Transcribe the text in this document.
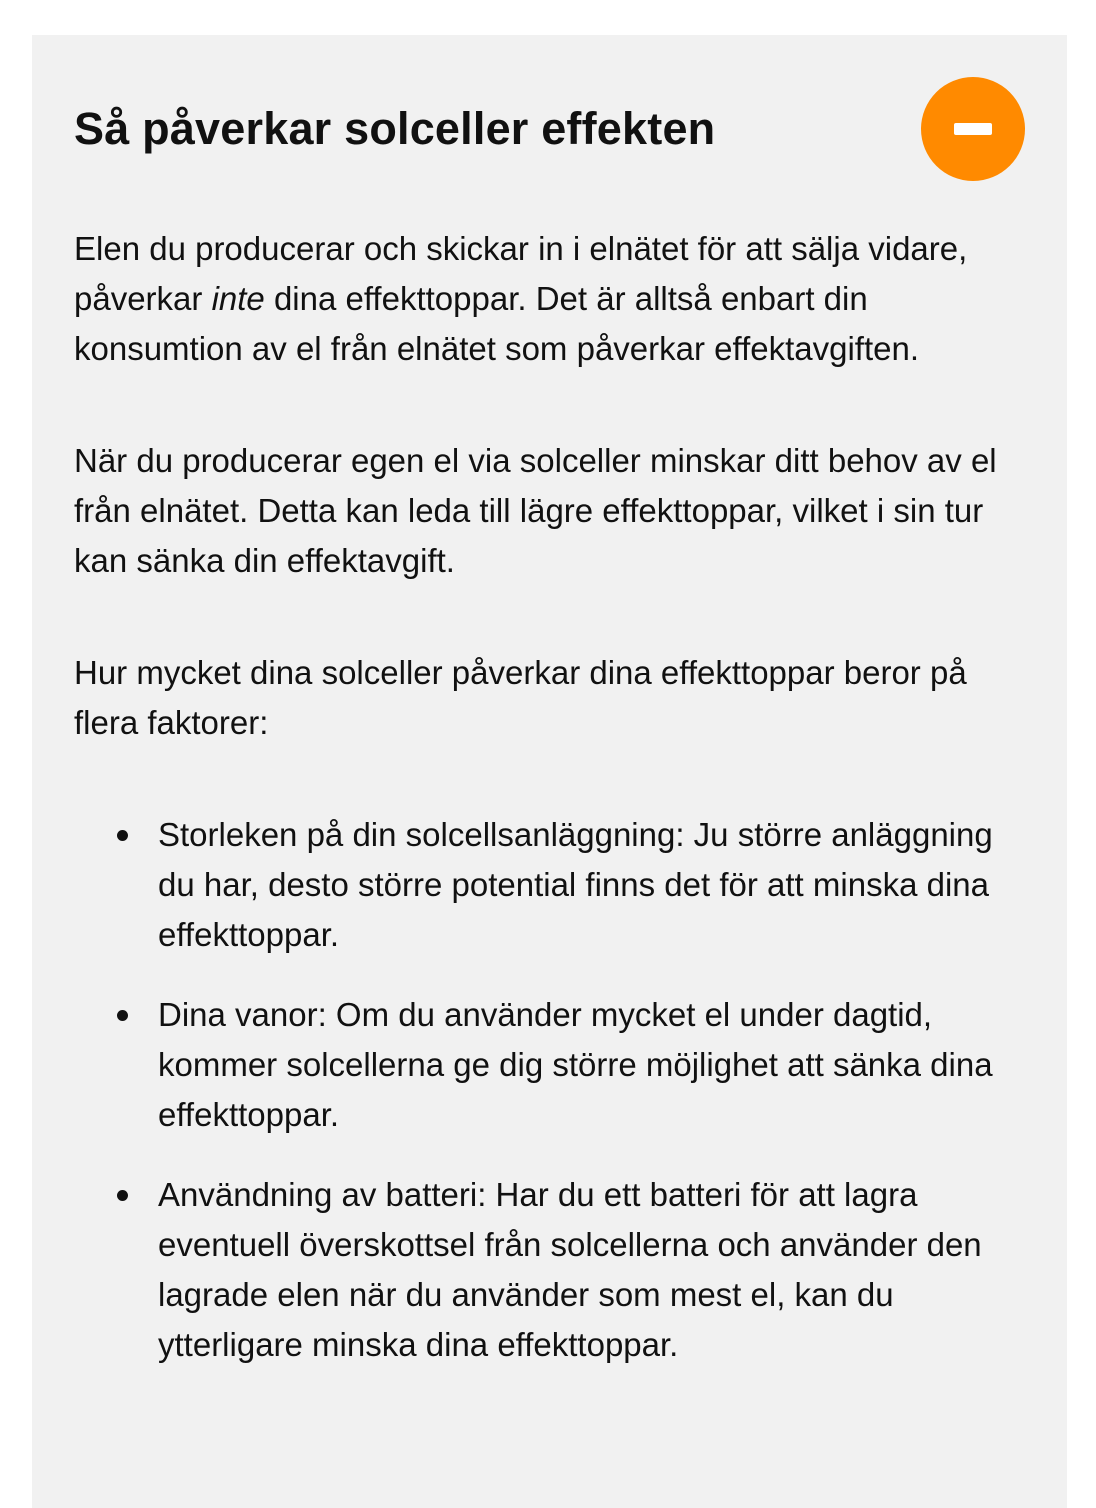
Så påverkar solceller effekten

Elen du producerar och skickar in i elnätet för att sälja vidare, påverkar inte dina effekttoppar. Det är alltså enbart din konsumtion av el från elnätet som påverkar effektavgiften.

När du producerar egen el via solceller minskar ditt behov av el från elnätet. Detta kan leda till lägre effekttoppar, vilket i sin tur kan sänka din effektavgift.

Hur mycket dina solceller påverkar dina effekttoppar beror på flera faktorer:

Storleken på din solcellsanläggning: Ju större anläggning du har, desto större potential finns det för att minska dina effekttoppar.
Dina vanor: Om du använder mycket el under dagtid, kommer solcellerna ge dig större möjlighet att sänka dina effekttoppar.
Användning av batteri: Har du ett batteri för att lagra eventuell överskottsel från solcellerna och använder den lagrade elen när du använder som mest el, kan du ytterligare minska dina effekttoppar.
